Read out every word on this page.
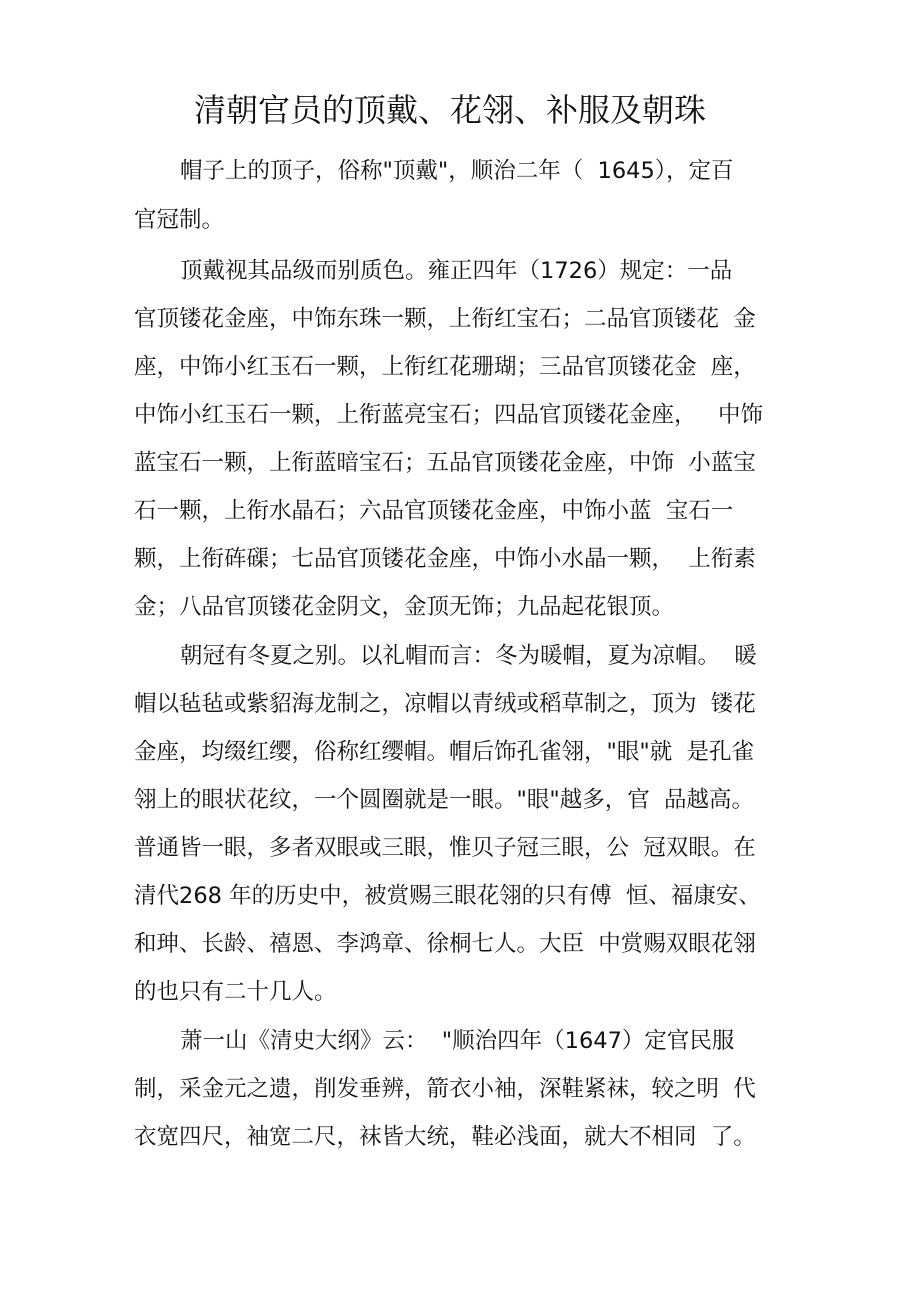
清朝官员的顶戴、花翎、补服及朝珠

帽子上的顶子，俗称"顶戴"，顺治二年（  1645），定百

官冠制。

顶戴视其品级而别质色。雍正四年（1726）规定：一品

官顶镂花金座，中饰东珠一颗，上衔红宝石；二品官顶镂花  金

座，中饰小红玉石一颗，上衔红花珊瑚；三品官顶镂花金  座，

中饰小红玉石一颗，上衔蓝亮宝石；四品官顶镂花金座，   中饰

蓝宝石一颗，上衔蓝暗宝石；五品官顶镂花金座，中饰  小蓝宝

石一颗，上衔水晶石；六品官顶镂花金座，中饰小蓝  宝石一

颗，上衔砗磲；七品官顶镂花金座，中饰小水晶一颗，  上衔素

金；八品官顶镂花金阴文，金顶无饰；九品起花银顶。

朝冠有冬夏之别。以礼帽而言：冬为暖帽，夏为凉帽。  暖

帽以毡毡或紫貂海龙制之，凉帽以青绒或稻草制之，顶为  镂花

金座，均缀红缨，俗称红缨帽。帽后饰孔雀翎，"眼"就  是孔雀

翎上的眼状花纹，一个圆圈就是一眼。"眼"越多，官  品越高。

普通皆一眼，多者双眼或三眼，惟贝子冠三眼，公  冠双眼。在

清代268 年的历史中，被赏赐三眼花翎的只有傅  恒、福康安、

和珅、长龄、禧恩、李鸿章、徐桐七人。大臣  中赏赐双眼花翎

的也只有二十几人。

萧一山《清史大纲》云：  "顺治四年（1647）定官民服

制，采金元之遗，削发垂辨，箭衣小袖，深鞋紧袜，较之明  代

衣宽四尺，袖宽二尺，袜皆大统，鞋必浅面，就大不相同  了。
